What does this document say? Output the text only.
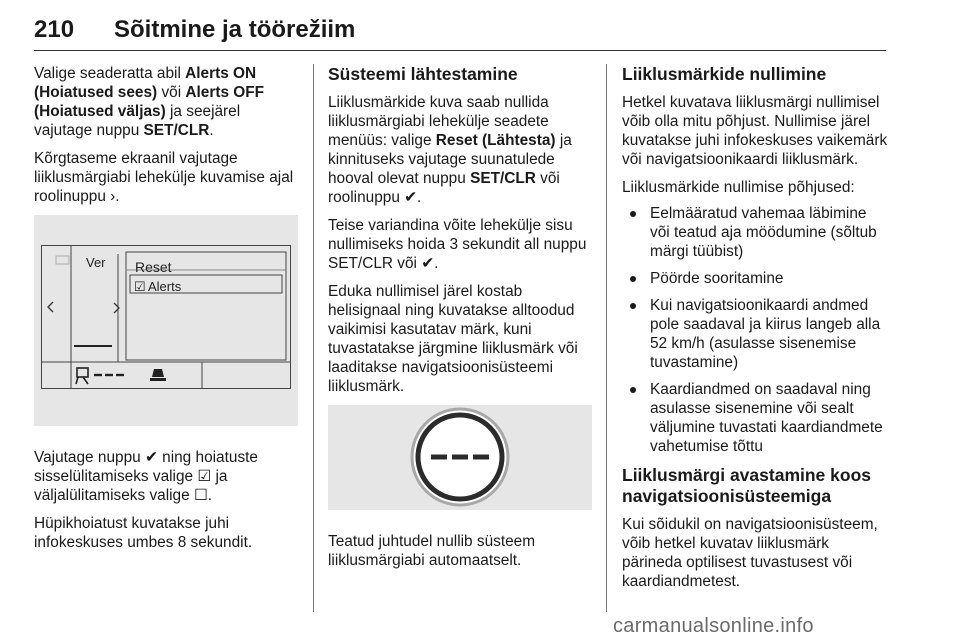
210 Sõitmine ja töörežiim

Valige seaderatta abil Alerts ON (Hoiatused sees) või Alerts OFF (Hoiatused väljas) ja seejärel vajutage nuppu SET/CLR.

Kõrgtaseme ekraanil vajutage liiklusmärgiabi lehekülje kuvamise ajal roolinuppu ›.

Ver Reset
☑ Alerts

Vajutage nuppu ✔ ning hoiatuste sisselülitamiseks valige ☑ ja väljalülitamiseks valige ☐.

Hüpikhoiatust kuvatakse juhi infokeskuses umbes 8 sekundit.

Süsteemi lähtestamine

Liiklusmärkide kuva saab nullida liiklusmärgiabi lehekülje seadete menüüs: valige Reset (Lähtesta) ja kinnituseks vajutage suunatulede hooval olevat nuppu SET/CLR või roolinuppu ✔.

Teise variandina võite lehekülje sisu nullimiseks hoida 3 sekundit all nuppu SET/CLR või ✔.

Eduka nullimisel järel kostab helisignaal ning kuvatakse alltoodud vaikimisi kasutatav märk, kuni tuvastatakse järgmine liiklusmärk või laaditakse navigatsioonisüsteemi liiklusmärk.

Teatud juhtudel nullib süsteem liiklusmärgiabi automaatselt.

Liiklusmärkide nullimine

Hetkel kuvatava liiklusmärgi nullimisel võib olla mitu põhjust. Nullimise järel kuvatakse juhi infokeskuses vaikemärk või navigatsioonikaardi liiklusmärk.

Liiklusmärkide nullimise põhjused:

Eelmääratud vahemaa läbimine või teatud aja möödumine (sõltub märgi tüübist)
Pöörde sooritamine
Kui navigatsioonikaardi andmed pole saadaval ja kiirus langeb alla 52 km/h (asulasse sisenemise tuvastamine)
Kaardiandmed on saadaval ning asulasse sisenemine või sealt väljumine tuvastati kaardiandmete vahetumise tõttu
Liiklusmärgi avastamine koos navigatsioonisüsteemiga

Kui sõidukil on navigatsioonisüsteem, võib hetkel kuvatav liiklusmärk pärineda optilisest tuvastusest või kaardiandmetest.

carmanualsonline.info
